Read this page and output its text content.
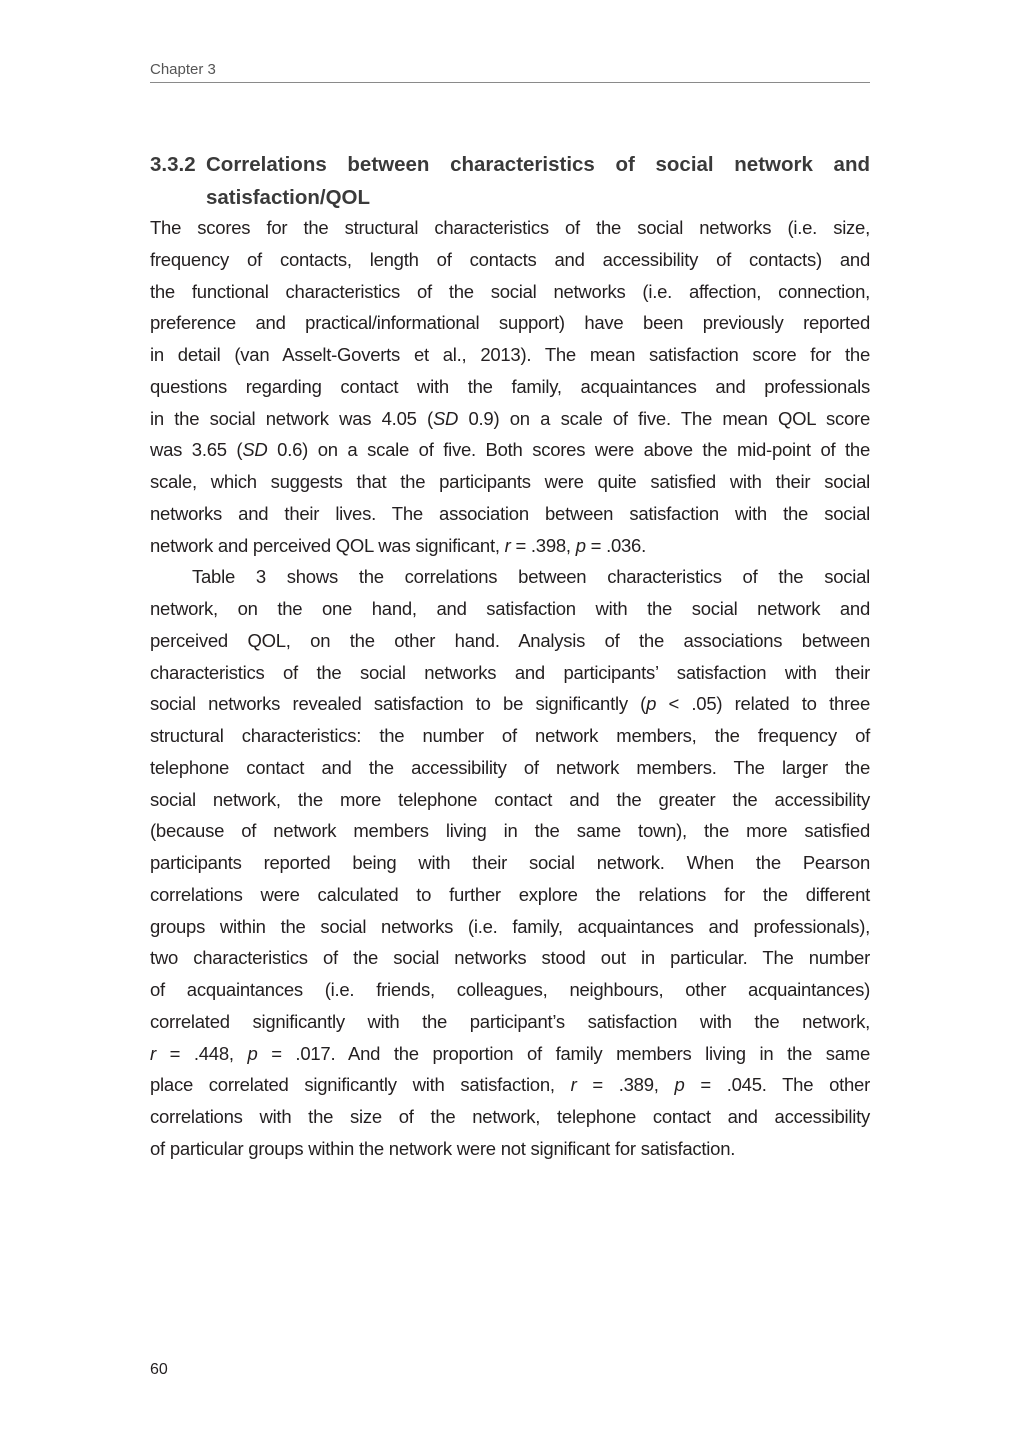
Chapter 3
3.3.2 Correlations between characteristics of social network and
satisfaction/QOL
The scores for the structural characteristics of the social networks (i.e. size,
frequency of contacts, length of contacts and accessibility of contacts) and
the functional characteristics of the social networks (i.e. affection, connection,
preference and practical/informational support) have been previously reported
in detail (van Asselt-Goverts et al., 2013). The mean satisfaction score for the
questions regarding contact with the family, acquaintances and professionals
in the social network was 4.05 (SD 0.9) on a scale of five. The mean QOL score
was 3.65 (SD 0.6) on a scale of five. Both scores were above the mid-point of the
scale, which suggests that the participants were quite satisfied with their social
networks and their lives. The association between satisfaction with the social
network and perceived QOL was significant, r = .398, p = .036.
Table 3 shows the correlations between characteristics of the social
network, on the one hand, and satisfaction with the social network and
perceived QOL, on the other hand. Analysis of the associations between
characteristics of the social networks and participants’ satisfaction with their
social networks revealed satisfaction to be significantly (p < .05) related to three
structural characteristics: the number of network members, the frequency of
telephone contact and the accessibility of network members. The larger the
social network, the more telephone contact and the greater the accessibility
(because of network members living in the same town), the more satisfied
participants reported being with their social network. When the Pearson
correlations were calculated to further explore the relations for the different
groups within the social networks (i.e. family, acquaintances and professionals),
two characteristics of the social networks stood out in particular. The number
of acquaintances (i.e. friends, colleagues, neighbours, other acquaintances)
correlated significantly with the participant’s satisfaction with the network,
r = .448, p = .017. And the proportion of family members living in the same
place correlated significantly with satisfaction, r = .389, p = .045. The other
correlations with the size of the network, telephone contact and accessibility
of particular groups within the network were not significant for satisfaction.
60
